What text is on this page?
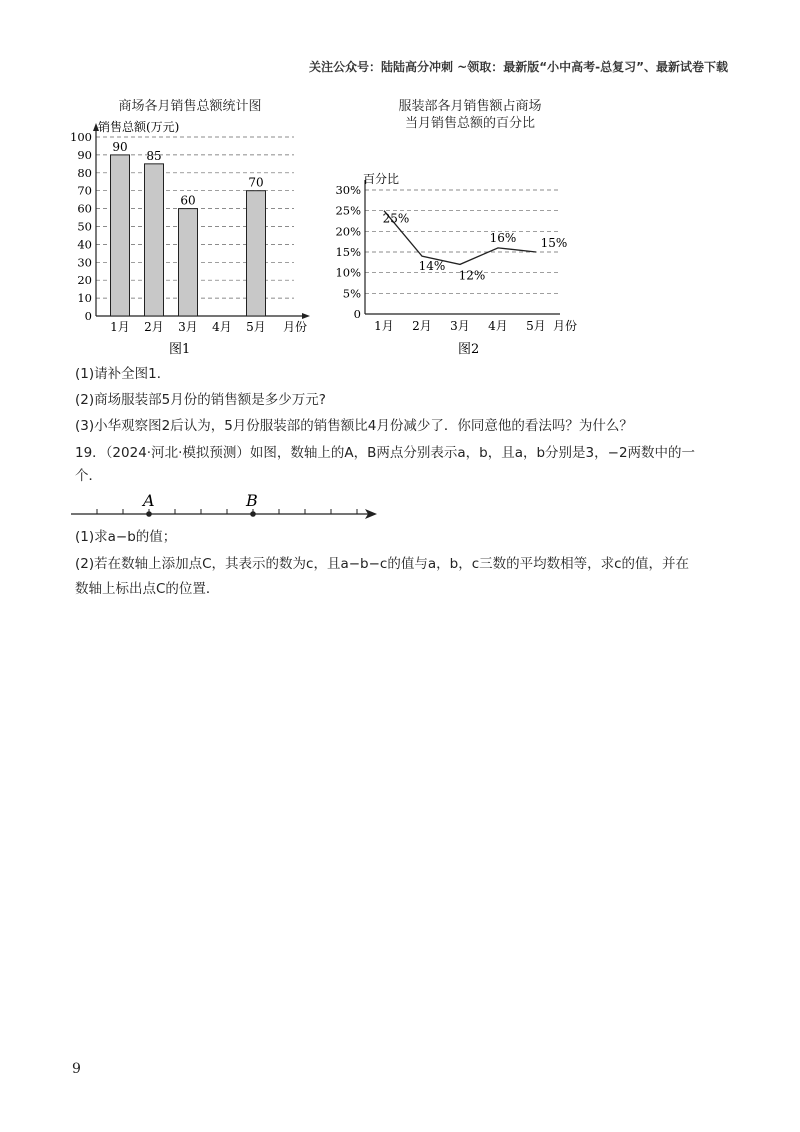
关注公众号：陆陆高分冲刺 ~领取：最新版“小中高考-总复习”、最新试卷下载
商场各月销售总额统计图	服装部各月销售额占商场
当月销售总额的百分比
0
10
20
30
40
50
60
70
80
90
100
90
1月
85
2月
60
3月 4月
70
5月
销售总额(万元)
月份
图1
0
5%
10%
15%
20%
25%
30%
1月
25%
2月
14%
3月
12%
4月
16%
5月
15%
百分比
月份
图2
(1)请补全图1．
(2)商场服装部5月份的销售额是多少万元?
(3)小华观察图2后认为，5月份服装部的销售额比4月份减少了．你同意他的看法吗？为什么？
19．（2024·河北·模拟预测）如图，数轴上的A，B两点分别表示a，b，且a，b分别是3，−2两数中的一
个．
A	B
(1)求a−b的值；
(2)若在数轴上添加点C，其表示的数为c，且a−b−c的值与a，b，c三数的平均数相等，求c的值，并在
数轴上标出点C的位置．
9
